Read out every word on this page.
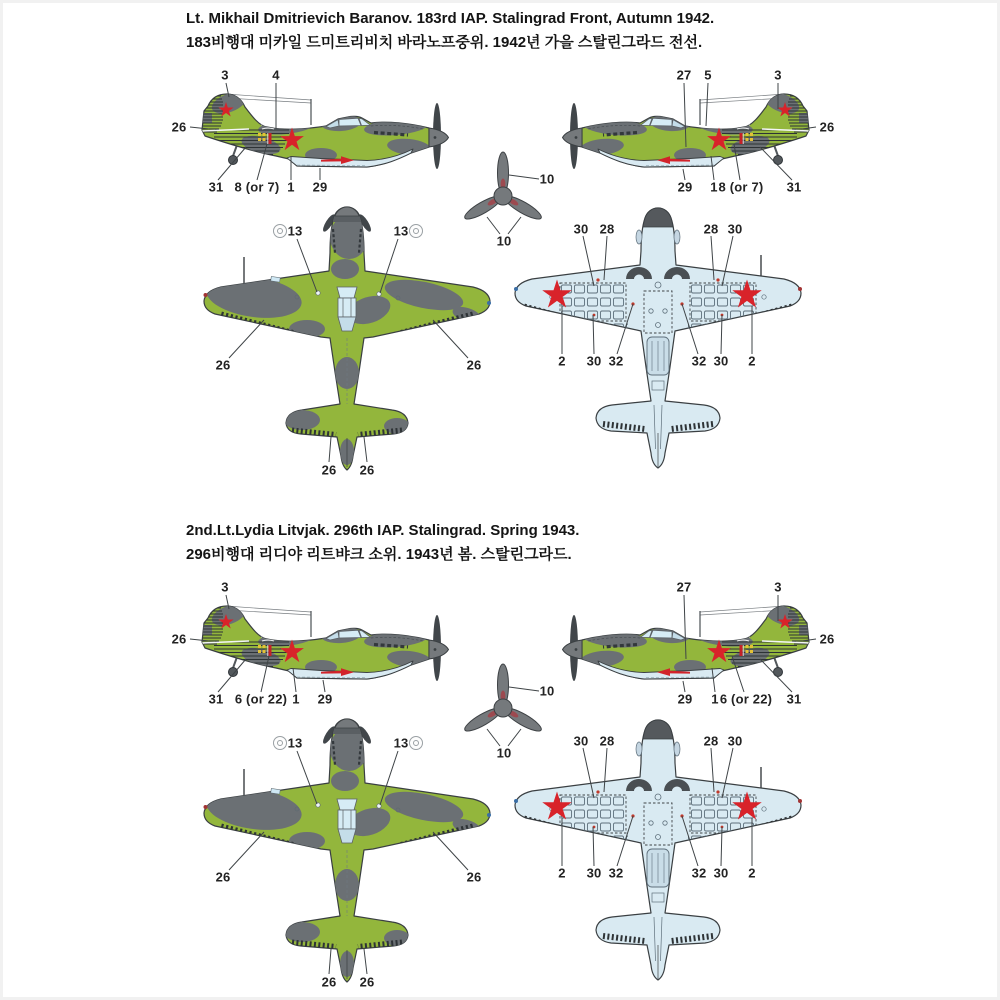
Lt. Mikhail Dmitrievich Baranov. 183rd IAP. Stalingrad Front, Autumn 1942.
183비행대 미카일 드미트리비치 바라노프중위. 1942년 가을 스탈린그라드 전선.
3	4
26
31 8 (or 7) 1 29
27 5	3
26
29 1 8 (or 7) 31
10
10
13	13
26	26
26 26
30 28	28 30
2 30 32	32 30 2
2nd.Lt.Lydia Litvjak. 296th IAP. Stalingrad. Spring 1943.
296비행대 리디야 리트뱌크 소위. 1943년 봄. 스탈린그라드.
3
26
31 6 (or 22) 1 29
27	3
26
29 1 6 (or 22) 31
10
10
13	13
26	26
26 26
30 28	28 30
2 30 32	32 30 2
